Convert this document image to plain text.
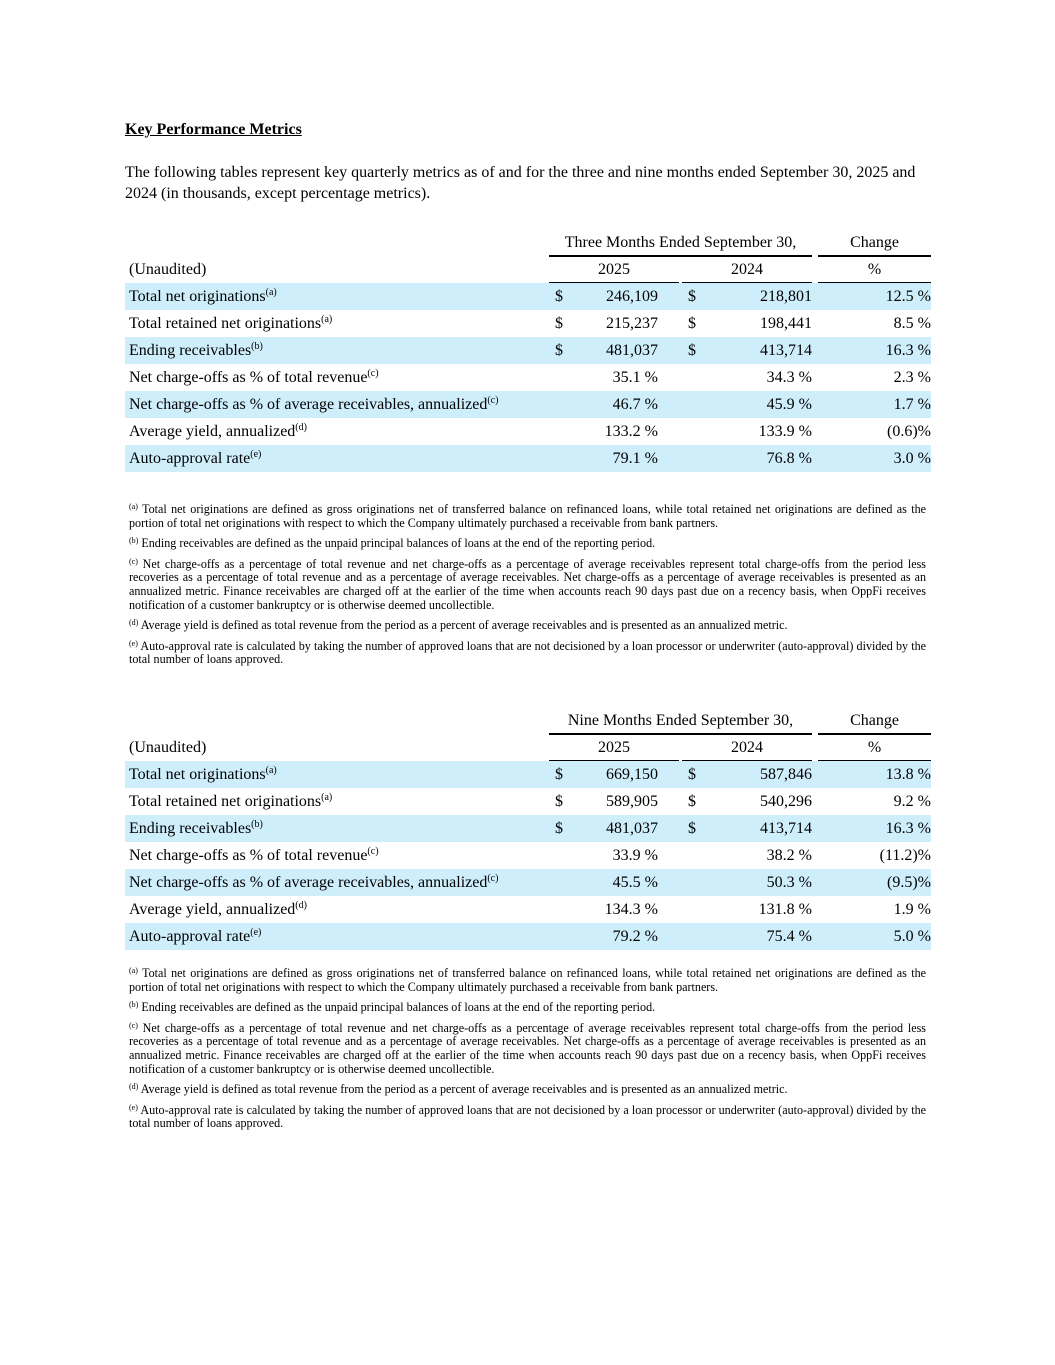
Key Performance Metrics
The following tables represent key quarterly metrics as of and for the three and nine months ended September 30, 2025 and 2024 (in thousands, except percentage metrics).
Three Months Ended September 30,	Change
(Unaudited)	2025	2024	%
Total net originations$^{(a)}$	$	246,109 $	218,801	12.5 %
Total retained net originations$^{(a)}$	$	215,237 $	198,441	8.5 %
Ending receivables$^{(b)}$	$	481,037 $	413,714	16.3 %
Net charge-offs as % of total revenue$^{(c)}$	35.1 %	34.3 %	2.3 %
Net charge-offs as % of average receivables, annualized$^{(c)}$	46.7 %	45.9 %	1.7 %
Average yield, annualized$^{(d)}$	133.2 %	133.9 %	(0.6)%
Auto-approval rate$^{(e)}$	79.1 %	76.8 %	3.0 %
$^{(a)}$ Total net originations are defined as gross originations net of transferred balance on refinanced loans, while total retained net originations are defined as the portion of total net originations with respect to which the Company ultimately purchased a receivable from bank partners.
$^{(b)}$ Ending receivables are defined as the unpaid principal balances of loans at the end of the reporting period.
$^{(c)}$ Net charge-offs as a percentage of total revenue and net charge-offs as a percentage of average receivables represent total charge-offs from the period less recoveries as a percentage of total revenue and as a percentage of average receivables. Net charge-offs as a percentage of average receivables is presented as an annualized metric. Finance receivables are charged off at the earlier of the time when accounts reach 90 days past due on a recency basis, when OppFi receives notification of a customer bankruptcy or is otherwise deemed uncollectible.
$^{(d)}$ Average yield is defined as total revenue from the period as a percent of average receivables and is presented as an annualized metric.
$^{(e)}$ Auto-approval rate is calculated by taking the number of approved loans that are not decisioned by a loan processor or underwriter (auto-approval) divided by the total number of loans approved.
Nine Months Ended September 30,	Change
(Unaudited)	2025	2024	%
Total net originations$^{(a)}$	$	669,150 $	587,846	13.8 %
Total retained net originations$^{(a)}$	$	589,905 $	540,296	9.2 %
Ending receivables$^{(b)}$	$	481,037 $	413,714	16.3 %
Net charge-offs as % of total revenue$^{(c)}$	33.9 %	38.2 %	(11.2)%
Net charge-offs as % of average receivables, annualized$^{(c)}$	45.5 %	50.3 %	(9.5)%
Average yield, annualized$^{(d)}$	134.3 %	131.8 %	1.9 %
Auto-approval rate$^{(e)}$	79.2 %	75.4 %	5.0 %
$^{(a)}$ Total net originations are defined as gross originations net of transferred balance on refinanced loans, while total retained net originations are defined as the portion of total net originations with respect to which the Company ultimately purchased a receivable from bank partners.
$^{(b)}$ Ending receivables are defined as the unpaid principal balances of loans at the end of the reporting period.
$^{(c)}$ Net charge-offs as a percentage of total revenue and net charge-offs as a percentage of average receivables represent total charge-offs from the period less recoveries as a percentage of total revenue and as a percentage of average receivables. Net charge-offs as a percentage of average receivables is presented as an annualized metric. Finance receivables are charged off at the earlier of the time when accounts reach 90 days past due on a recency basis, when OppFi receives notification of a customer bankruptcy or is otherwise deemed uncollectible.
$^{(d)}$ Average yield is defined as total revenue from the period as a percent of average receivables and is presented as an annualized metric.
$^{(e)}$ Auto-approval rate is calculated by taking the number of approved loans that are not decisioned by a loan processor or underwriter (auto-approval) divided by the total number of loans approved.
